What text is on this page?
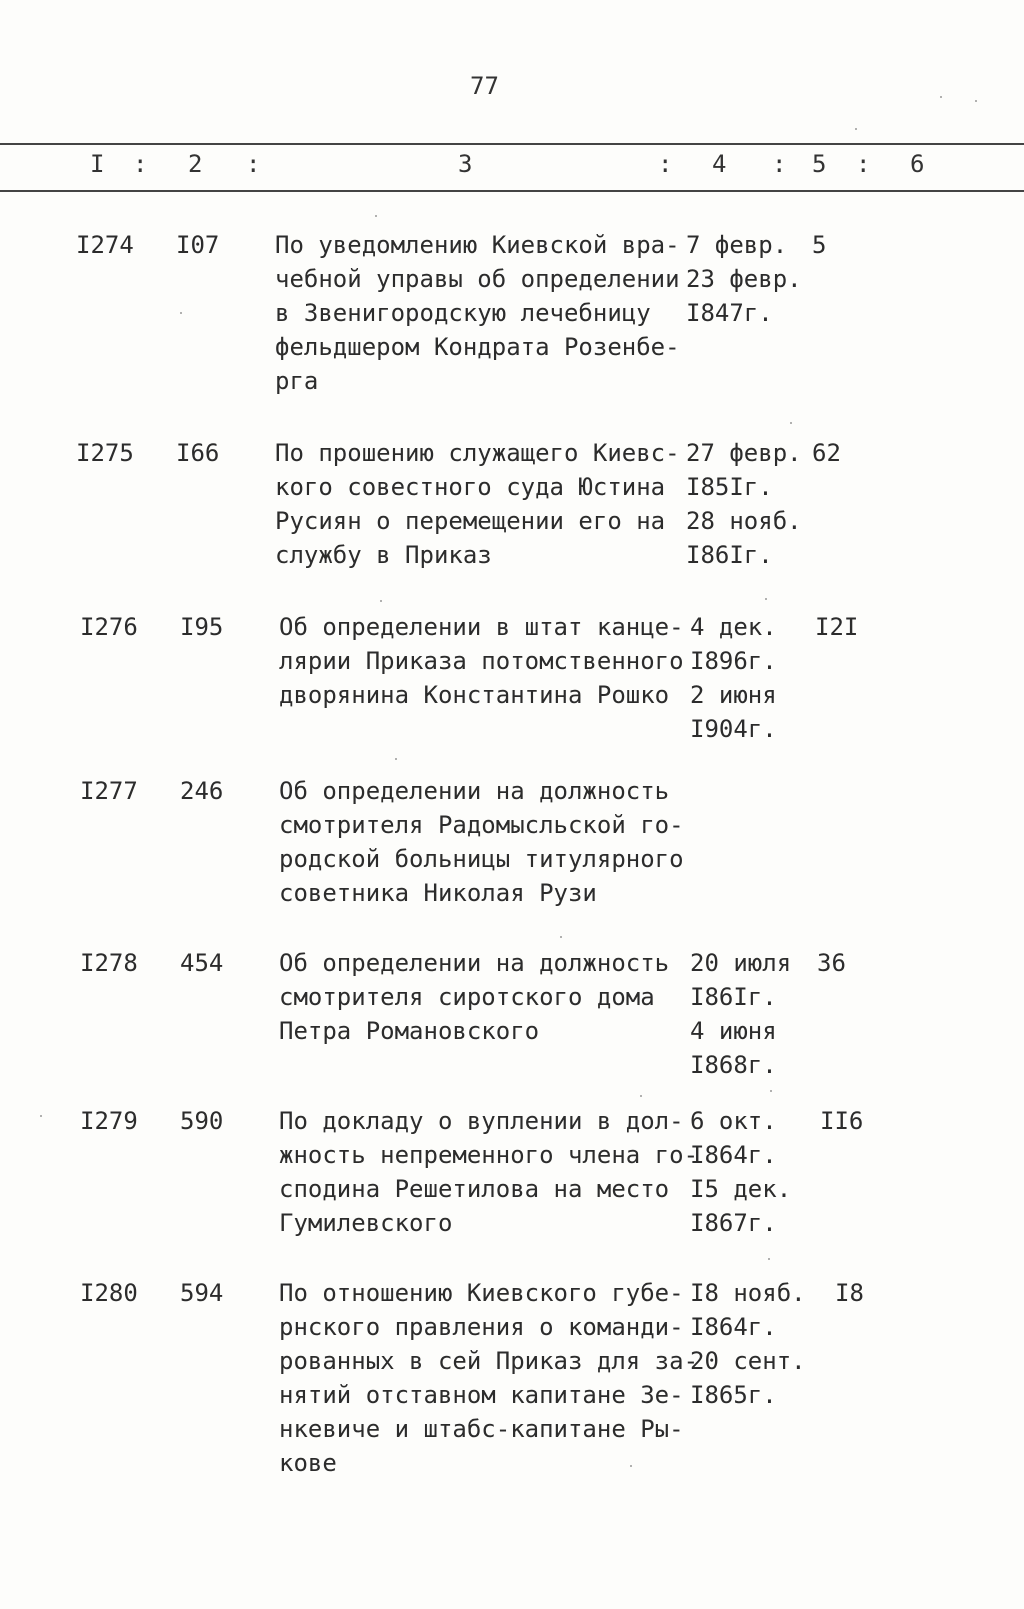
77
I : 2 :	3	: 4 : 5 : 6
I274 I07 По уведомлению Киевской вра-
чебной управы об определении
в Звенигородскую лечебницу
фельдшером Кондрата Розенбе-
рга
7 февр.
23 февр.
I847г.
5
I275 I66 По прошению служащего Киевс-
кого совестного суда Юстина
Русиян о перемещении его на
службу в Приказ
27 февр.
I85Iг.
28 нояб.
I86Iг.
62
I276 I95 Об определении в штат канце-
лярии Приказа потомственного
дворянина Константина Рошко
4 дек.
I896г.
2 июня
I904г.
I2I
I277 246 Об определении на должность
смотрителя Радомысльской го-
родской больницы титулярного
советника Николая Рузи
I278 454 Об определении на должность
смотрителя сиротского дома
Петра Романовского
20 июля
I86Iг.
4 июня
I868г.
36
I279 590 По докладу о вуплении в дол-
жность непременного члена го-
сподина Решетилова на место
Гумилевского
6 окт.
I864г.
I5 дек.
I867г.
II6
I280 594 По отношению Киевского губе-
рнского правления о команди-
рованных в сей Приказ для за-
нятий отставном капитане Зе-
нкевиче и штабс-капитане Ры-
кове
I8 нояб.
I864г.
20 сент.
I865г.
I8
